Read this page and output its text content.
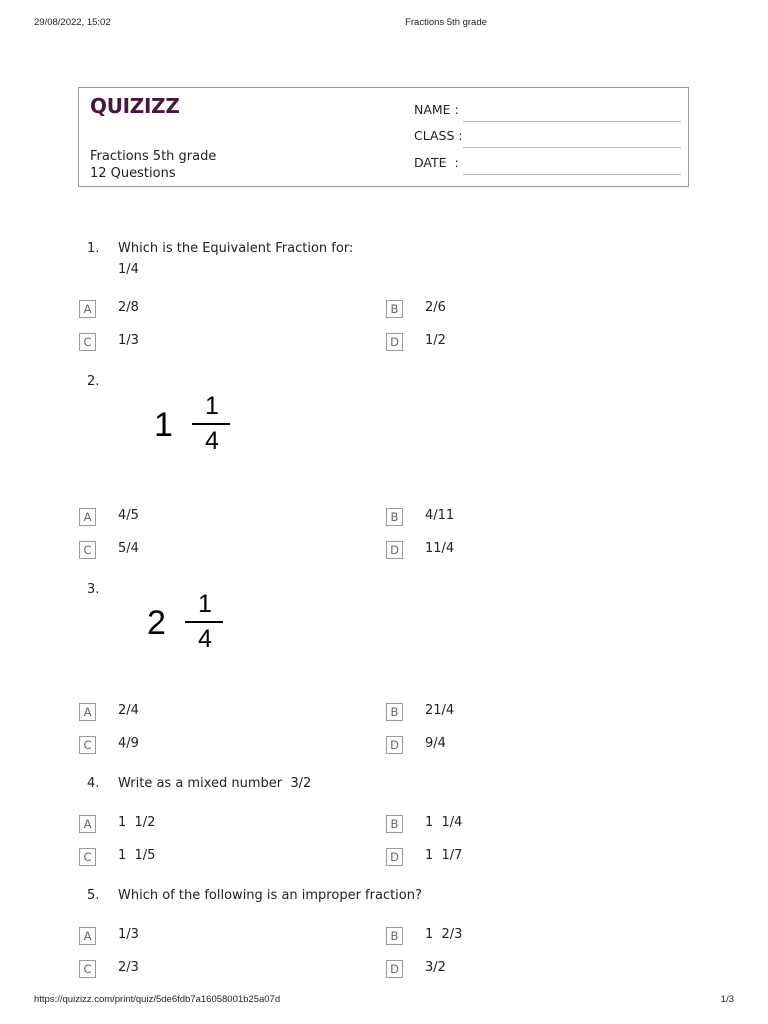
29/08/2022, 15:02	Fractions 5th grade
QUIZIZZ
Fractions 5th grade
12 Questions
NAME :
CLASS :
DATE  :
1. Which is the Equivalent Fraction for:
1/4
A	2/8	B	2/6
C	1/3	D	1/2
2.
1 1
4
A	4/5	B	4/11
C	5/4	D	11/4
3.
2 1
4
A	2/4	B	21/4
C	4/9	D	9/4
4. Write as a mixed number  3/2
A	1  1/2	B	1  1/4
C	1  1/5	D	1  1/7
5. Which of the following is an improper fraction?
A	1/3	B	1  2/3
C	2/3	D	3/2
https://quizizz.com/print/quiz/5de6fdb7a16058001b25a07d	1/3
